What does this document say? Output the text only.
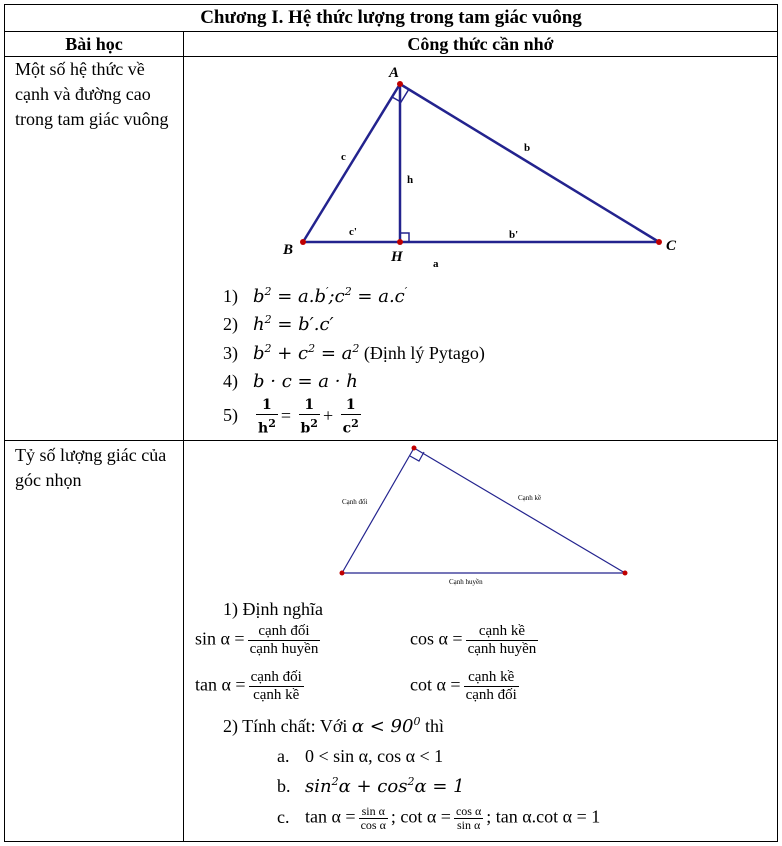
Chương I. Hệ thức lượng trong tam giác vuông
Bài học	Công thức cần nhớ
Một số hệ thức về cạnh và đường cao trong tam giác vuông
A
B	C
H
c
b
h
c'	b'
a
1) $b^2$ = $a.b';c^2 = a.c'$
2) $h^2 = b'.c'$
3) $b^2 + c^2 = a^2$ (Định lý Pytago)
4) b · c = a · h
$5) \frac{1}{h^2} = \frac{1}{b^2} + \frac{1}{c^2}$
Tỷ số lượng giác của góc nhọn
Cạnh đối	Cạnh kề
Cạnh huyền
1) Định nghĩa
$\sin \alpha = \frac{\text{cạnh đối}}{\text{cạnh huyền}}$	$\cos \alpha = \frac{\text{cạnh kề}}{\text{cạnh huyền}}$
$\tan \alpha = \frac{\text{cạnh đối}}{\text{cạnh kề}}$	$\cot \alpha = \frac{\text{cạnh kề}}{\text{cạnh đối}}$
2) Tính chất: Với $\alpha < 90^0$ thì
a. 0 < sin α, cos α < 1
b. $\sin^2\alpha + \cos^2\alpha = 1$
c. $\tan \alpha = \frac{\text{sin α}}{\text{cos α}}$ ; $\cot \alpha = \frac{\text{cos α}}{\text{sin α}}$ ; tan α.cot α = 1
